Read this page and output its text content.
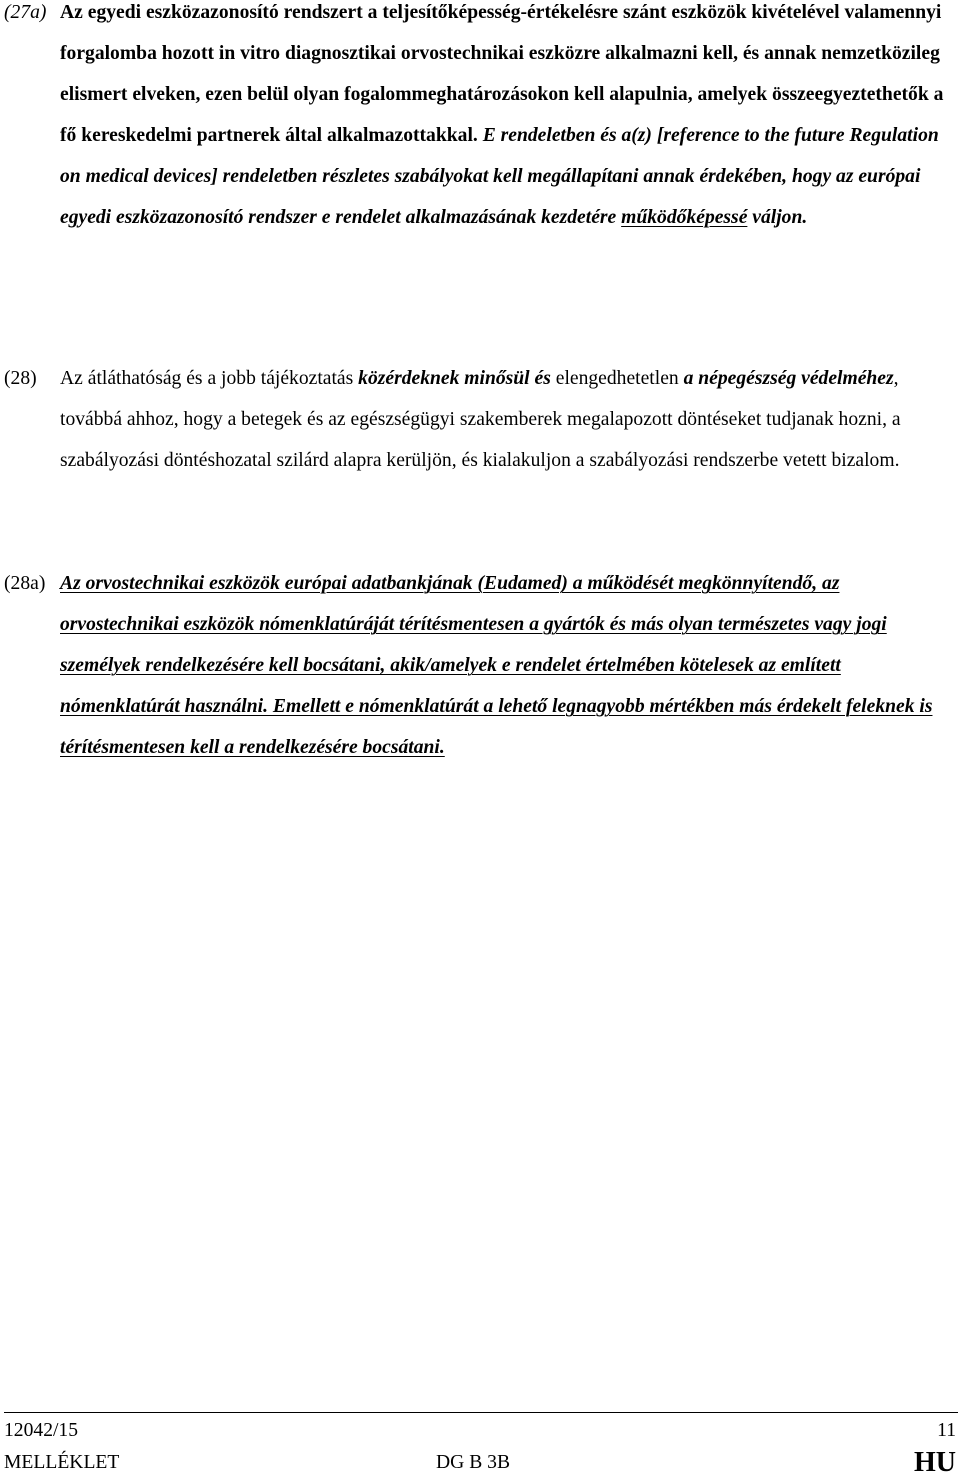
(27a) Az egyedi eszközazonosító rendszert a teljesítőképesség-értékelésre szánt eszközök kivételével valamennyi forgalomba hozott in vitro diagnosztikai orvostechnikai eszközre alkalmazni kell, és annak nemzetközileg elismert elveken, ezen belül olyan fogalommeghatározásokon kell alapulnia, amelyek összeegyeztethetők a fő kereskedelmi partnerek által alkalmazottakkal. E rendeletben és a(z) [reference to the future Regulation on medical devices] rendeletben részletes szabályokat kell megállapítani annak érdekében, hogy az európai egyedi eszközazonosító rendszer e rendelet alkalmazásának kezdetére működőképessé váljon.
(28) Az átláthatóság és a jobb tájékoztatás közérdeknek minősül és elengedhetetlen a népegészség védelméhez, továbbá ahhoz, hogy a betegek és az egészségügyi szakemberek megalapozott döntéseket tudjanak hozni, a szabályozási döntéshozatal szilárd alapra kerüljön, és kialakuljon a szabályozási rendszerbe vetett bizalom.
(28a) Az orvostechnikai eszközök európai adatbankjának (Eudamed) a működését megkönnyítendő, az orvostechnikai eszközök nómenklatúráját térítésmentesen a gyártók és más olyan természetes vagy jogi személyek rendelkezésére kell bocsátani, akik/amelyek e rendelet értelmében kötelesek az említett nómenklatúrát használni. Emellett e nómenklatúrát a lehető legnagyobb mértékben más érdekelt feleknek is térítésmentesen kell a rendelkezésére bocsátani.
12042/15	11
MELLÉKLET	DG B 3B	HU
